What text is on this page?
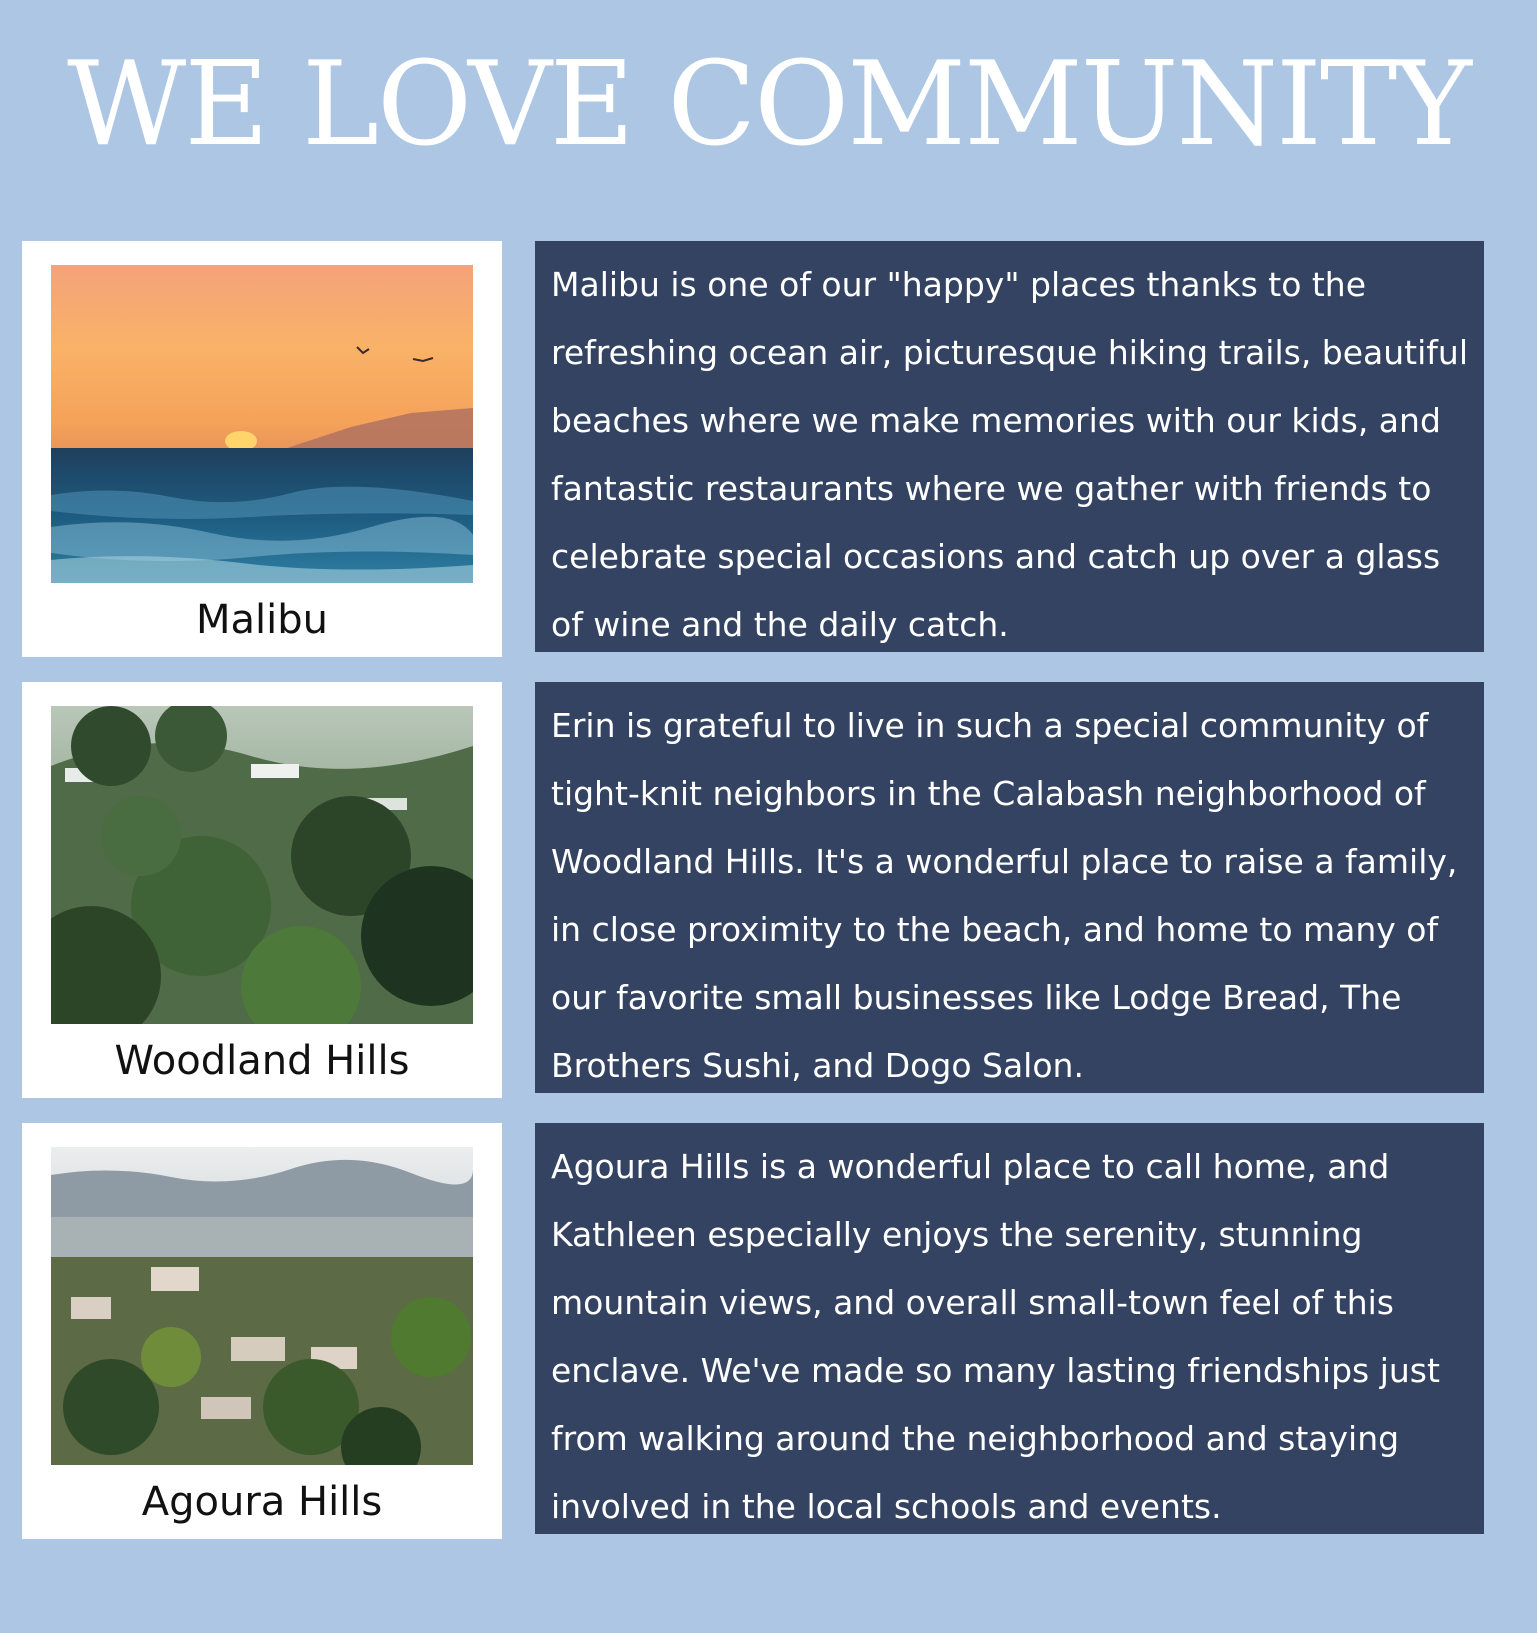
WE LOVE COMMUNITY
Malibu

Malibu is one of our "happy" places thanks to the refreshing ocean air, picturesque hiking trails, beautiful beaches where we make memories with our kids, and fantastic restaurants where we gather with friends to celebrate special occasions and catch up over a glass of wine and the daily catch.

Woodland Hills

Erin is grateful to live in such a special community of tight-knit neighbors in the Calabash neighborhood of Woodland Hills. It's a wonderful place to raise a family, in close proximity to the beach, and home to many of our favorite small businesses like Lodge Bread, The Brothers Sushi, and Dogo Salon.

Agoura Hills

Agoura Hills is a wonderful place to call home, and Kathleen especially enjoys the serenity, stunning mountain views, and overall small-town feel of this enclave. We've made so many lasting friendships just from walking around the neighborhood and staying involved in the local schools and events.
